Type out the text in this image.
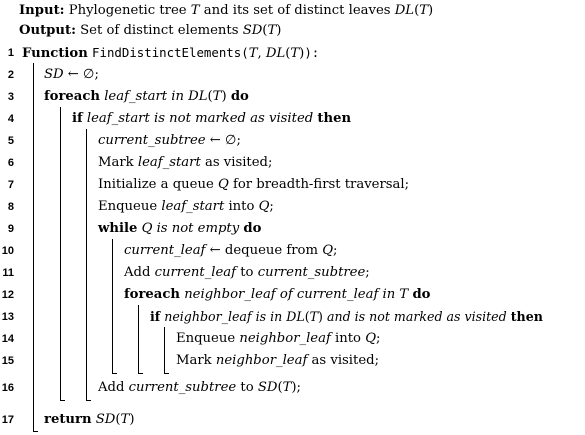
Input: Phylogenetic tree T and its set of distinct leaves DL(T)
Output: Set of distinct elements SD(T)
1 Function FindDistinctElements(T, DL(T)):
2 SD ← ∅;
3 foreach leaf_start in DL(T) do
4	if leaf_start is not marked as visited then
5	current_subtree ← ∅;
6	Mark leaf_start as visited;
7	Initialize a queue Q for breadth-first traversal;
8	Enqueue leaf_start into Q;
9	while Q is not empty do
10	current_leaf ← dequeue from Q;
11	Add current_leaf to current_subtree;
12	foreach neighbor_leaf of current_leaf in T do
13	if neighbor_leaf is in DL(T) and is not marked as visited then
14	Enqueue neighbor_leaf into Q;
15	Mark neighbor_leaf as visited;
16	Add current_subtree to SD(T);
17 return SD(T)
